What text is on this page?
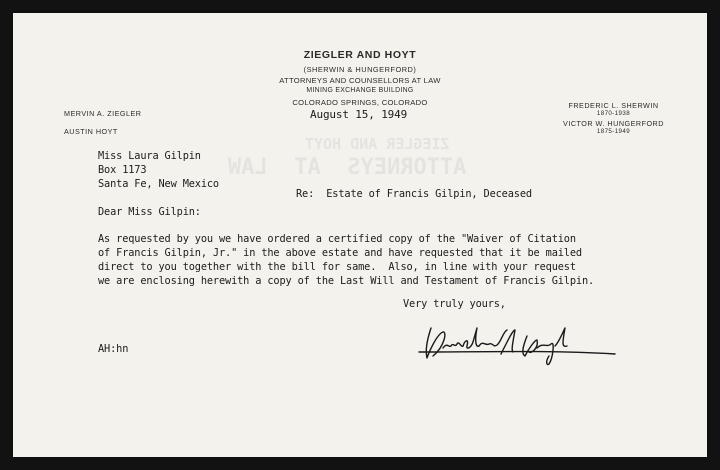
ZIEGLER AND HOYT
ATTORNEYS  AT  LAW
ZIEGLER AND HOYT
(SHERWIN & HUNGERFORD)
ATTORNEYS AND COUNSELLORS AT LAW
MINING EXCHANGE BUILDING
COLORADO SPRINGS, COLORADO
MERVIN A. ZIEGLER
AUSTIN HOYT
FREDERIC L. SHERWIN
1870-1938
VICTOR W. HUNGERFORD
1875-1949
August 15, 1949
Miss Laura Gilpin
Box 1173
Santa Fe, New Mexico
Re:  Estate of Francis Gilpin, Deceased
Dear Miss Gilpin:
As requested by you we have ordered a certified copy of the "Waiver of Citation
of Francis Gilpin, Jr." in the above estate and have requested that it be mailed
direct to you together with the bill for same.  Also, in line with your request
we are enclosing herewith a copy of the Last Will and Testament of Francis Gilpin.
Very truly yours,
AH:hn
